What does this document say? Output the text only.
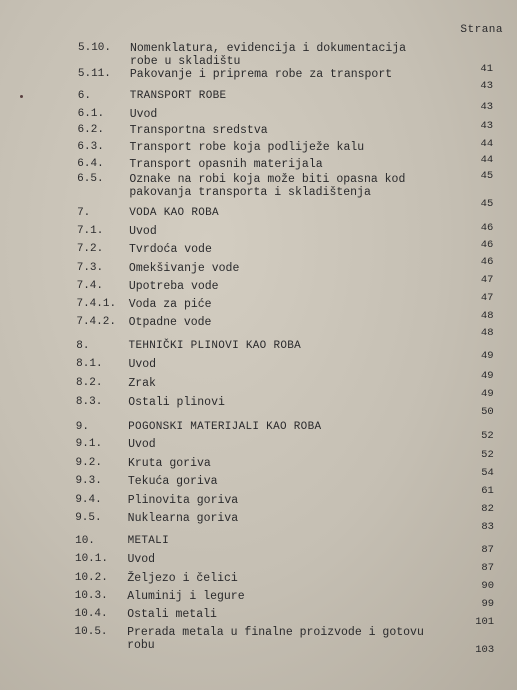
Strana
5.10. Nomenklatura, evidencija i dokumentacija
robe u skladištu
41
5.11. Pakovanje i priprema robe za transport
43
6.	TRANSPORT ROBE
43
6.1. Uvod
43
6.2. Transportna sredstva
44
6.3. Transport robe koja podliježe kalu
44
6.4. Transport opasnih materijala
45
6.5. Oznake na robi koja može biti opasna kod
pakovanja transporta i skladištenja
45
7.	VODA KAO ROBA
46
7.1. Uvod
46
7.2. Tvrdoća vode
46
7.3. Omekšivanje vode
47
7.4. Upotreba vode
47
7.4.1. Voda za piće
48
7.4.2. Otpadne vode
48
8.	TEHNIČKI PLINOVI KAO ROBA
49
8.1. Uvod
49
8.2. Zrak
49
8.3. Ostali plinovi
50
9.	POGONSKI MATERIJALI KAO ROBA
52
9.1. Uvod
52
9.2. Kruta goriva
54
9.3. Tekuća goriva
61
9.4. Plinovita goriva
82
9.5. Nuklearna goriva
83
10.	METALI
87
10.1. Uvod
87
10.2. Željezo i čelici
90
10.3. Aluminij i legure
99
10.4. Ostali metali
101
10.5. Prerada metala u finalne proizvode i gotovu
robu	103
